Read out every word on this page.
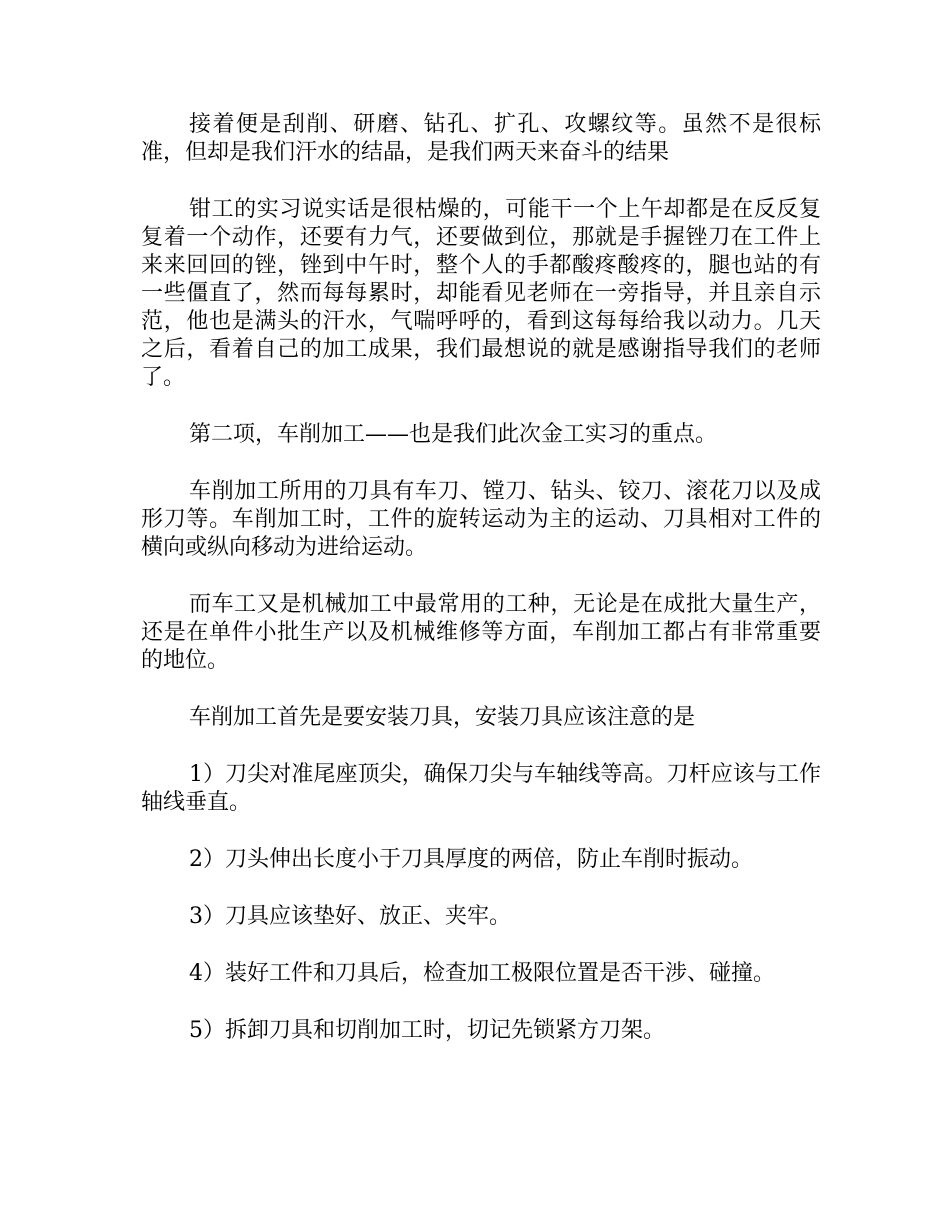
接着便是刮削、研磨、钻孔、扩孔、攻螺纹等。虽然不是很标准，但却是我们汗水的结晶，是我们两天来奋斗的结果

钳工的实习说实话是很枯燥的，可能干一个上午却都是在反反复复着一个动作，还要有力气，还要做到位，那就是手握锉刀在工件上来来回回的锉，锉到中午时，整个人的手都酸疼酸疼的，腿也站的有一些僵直了，然而每每累时，却能看见老师在一旁指导，并且亲自示范，他也是满头的汗水，气喘呼呼的，看到这每每给我以动力。几天之后，看着自己的加工成果，我们最想说的就是感谢指导我们的老师了。

第二项，车削加工——也是我们此次金工实习的重点。

车削加工所用的刀具有车刀、镗刀、钻头、铰刀、滚花刀以及成形刀等。车削加工时，工件的旋转运动为主的运动、刀具相对工件的横向或纵向移动为进给运动。

而车工又是机械加工中最常用的工种，无论是在成批大量生产，还是在单件小批生产以及机械维修等方面，车削加工都占有非常重要的地位。

车削加工首先是要安装刀具，安装刀具应该注意的是

1）刀尖对准尾座顶尖，确保刀尖与车轴线等高。刀杆应该与工作轴线垂直。

2）刀头伸出长度小于刀具厚度的两倍，防止车削时振动。

3）刀具应该垫好、放正、夹牢。

4）装好工件和刀具后，检查加工极限位置是否干涉、碰撞。

5）拆卸刀具和切削加工时，切记先锁紧方刀架。
